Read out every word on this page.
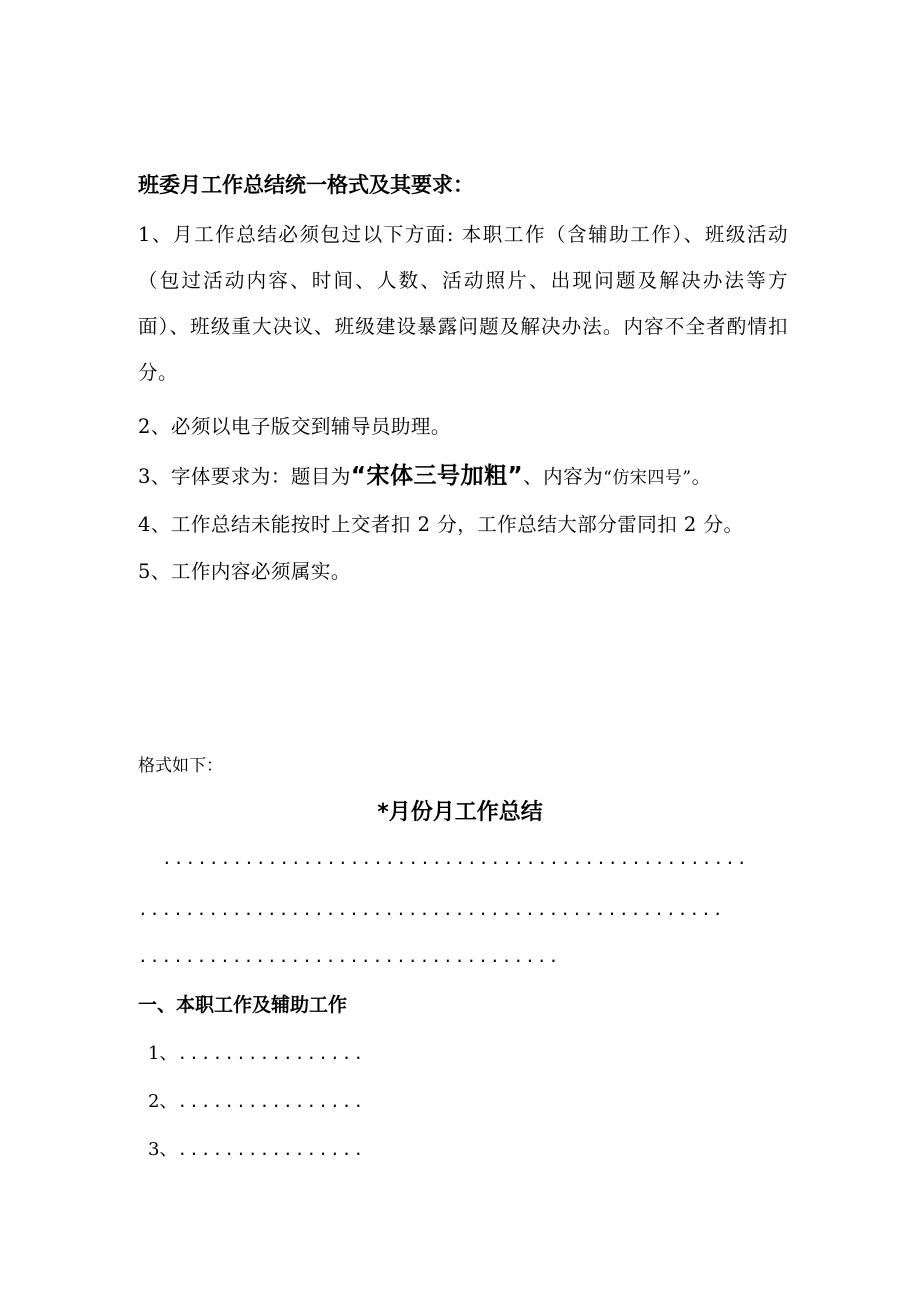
班委月工作总结统一格式及其要求：
1、月工作总结必须包过以下方面: 本职工作（含辅助工作）、班级活动（包过活动内容、时间、人数、活动照片、出现问题及解决办法等方面）、班级重大决议、班级建设暴露问题及解决办法。内容不全者酌情扣分。
2、必须以电子版交到辅导员助理。
3、字体要求为：题目为“宋体三号加粗”、内容为“仿宋四号”。
4、工作总结未能按时上交者扣 2 分，工作总结大部分雷同扣 2 分。
5、工作内容必须属实。
格式如下：
*月份月工作总结
..................................................
..................................................
....................................
一、本职工作及辅助工作
1、................
2、................
3、................
